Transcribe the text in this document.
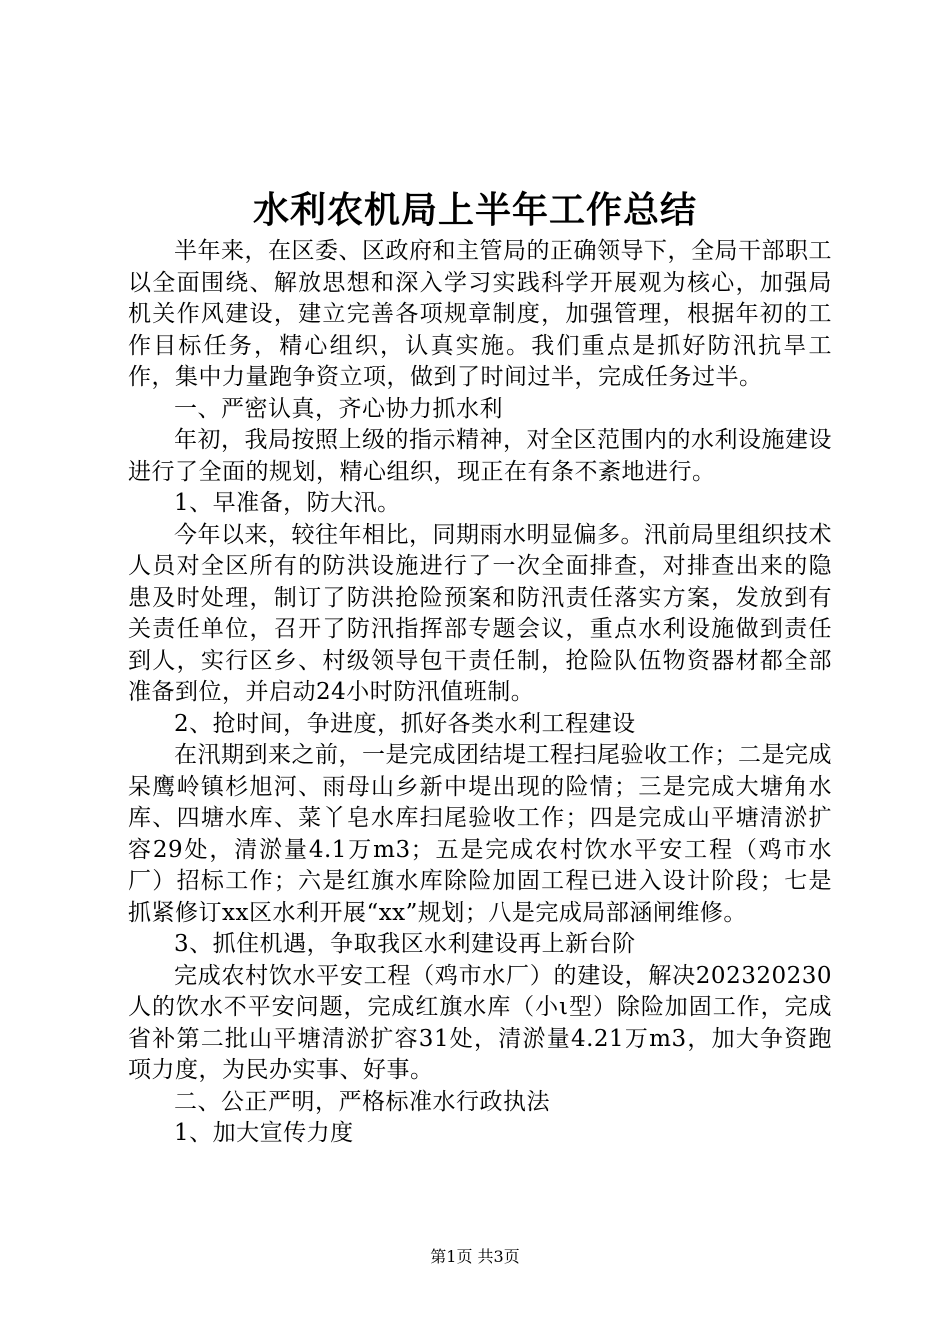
水利农机局上半年工作总结

半年来，在区委、区政府和主管局的正确领导下，全局干部职工以全面围绕、解放思想和深入学习实践科学开展观为核心，加强局机关作风建设，建立完善各项规章制度，加强管理，根据年初的工作目标任务，精心组织，认真实施。我们重点是抓好防汛抗旱工作，集中力量跑争资立项，做到了时间过半，完成任务过半。

一、严密认真，齐心协力抓水利

年初，我局按照上级的指示精神，对全区范围内的水利设施建设进行了全面的规划，精心组织，现正在有条不紊地进行。

1、早准备，防大汛。

今年以来，较往年相比，同期雨水明显偏多。汛前局里组织技术人员对全区所有的防洪设施进行了一次全面排查，对排查出来的隐患及时处理，制订了防洪抢险预案和防汛责任落实方案，发放到有关责任单位，召开了防汛指挥部专题会议，重点水利设施做到责任到人，实行区乡、村级领导包干责任制，抢险队伍物资器材都全部准备到位，并启动24小时防汛值班制。

2、抢时间，争进度，抓好各类水利工程建设

在汛期到来之前，一是完成团结堤工程扫尾验收工作；二是完成呆鹰岭镇杉旭河、雨母山乡新中堤出现的险情；三是完成大塘角水库、四塘水库、菜丫皂水库扫尾验收工作；四是完成山平塘清淤扩容29处，清淤量4.1万m3；五是完成农村饮水平安工程（鸡市水厂）招标工作；六是红旗水库除险加固工程已进入设计阶段；七是抓紧修订xx区水利开展“xx”规划；八是完成局部涵闸维修。

3、抓住机遇，争取我区水利建设再上新台阶

完成农村饮水平安工程（鸡市水厂）的建设，解决202320230人的饮水不平安问题，完成红旗水库（小ι型）除险加固工作，完成省补第二批山平塘清淤扩容31处，清淤量4.21万m3，加大争资跑项力度，为民办实事、好事。

二、公正严明，严格标准水行政执法

1、加大宣传力度

第1页 共3页
